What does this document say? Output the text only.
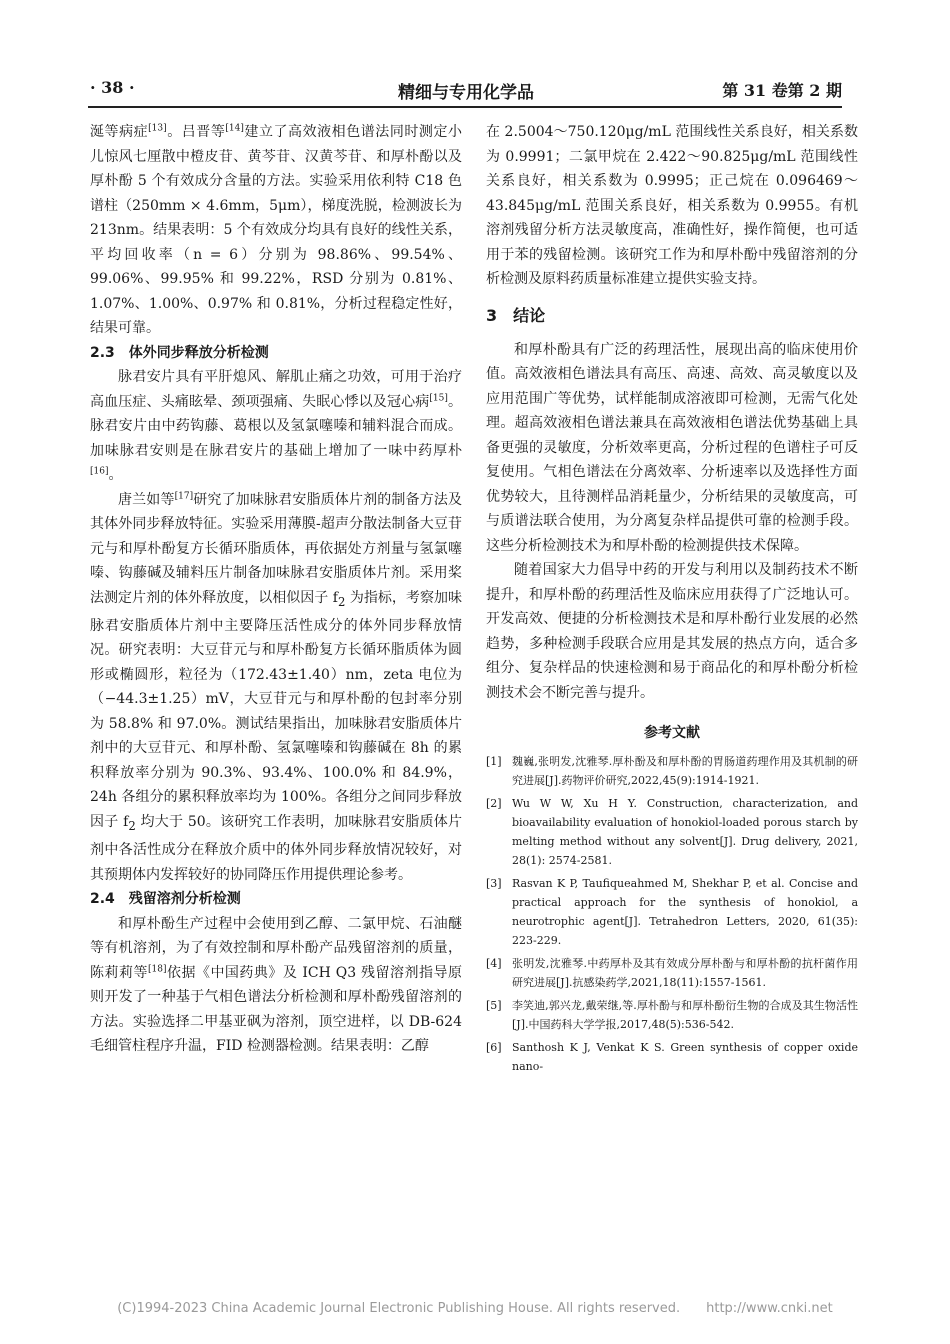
· 38 ·	精细与专用化学品	第 31 卷第 2 期

涎等病症[13]。吕晋等[14]建立了高效液相色谱法同时测定小儿惊风七厘散中橙皮苷、黄芩苷、汉黄芩苷、和厚朴酚以及厚朴酚 5 个有效成分含量的方法。实验采用依利特 C18 色谱柱（250mm × 4.6mm，5μm），梯度洗脱，检测波长为 213nm。结果表明：5 个有效成分均具有良好的线性关系，平均回收率（n = 6）分别为 98.86%、99.54%、99.06%、99.95% 和 99.22%，RSD 分别为 0.81%、1.07%、1.00%、0.97% 和 0.81%，分析过程稳定性好，结果可靠。

2.3　体外同步释放分析检测

脉君安片具有平肝熄风、解肌止痛之功效，可用于治疗高血压症、头痛眩晕、颈项强痛、失眠心悸以及冠心病[15]。脉君安片由中药钩藤、葛根以及氢氯噻嗪和辅料混合而成。加味脉君安则是在脉君安片的基础上增加了一味中药厚朴[16]。

唐兰如等[17]研究了加味脉君安脂质体片剂的制备方法及其体外同步释放特征。实验采用薄膜-超声分散法制备大豆苷元与和厚朴酚复方长循环脂质体，再依据处方剂量与氢氯噻嗪、钩藤碱及辅料压片制备加味脉君安脂质体片剂。采用桨法测定片剂的体外释放度，以相似因子 $f_2$ 为指标，考察加味脉君安脂质体片剂中主要降压活性成分的体外同步释放情况。研究表明：大豆苷元与和厚朴酚复方长循环脂质体为圆形或椭圆形，粒径为（172.43±1.40）nm，zeta 电位为（−44.3±1.25）mV，大豆苷元与和厚朴酚的包封率分别为 58.8% 和 97.0%。测试结果指出，加味脉君安脂质体片剂中的大豆苷元、和厚朴酚、氢氯噻嗪和钩藤碱在 8h 的累积释放率分别为 90.3%、93.4%、100.0% 和 84.9%，24h 各组分的累积释放率均为 100%。各组分之间同步释放因子 $f_2$ 均大于 50。该研究工作表明，加味脉君安脂质体片剂中各活性成分在释放介质中的体外同步释放情况较好，对其预期体内发挥较好的协同降压作用提供理论参考。

2.4　残留溶剂分析检测

和厚朴酚生产过程中会使用到乙醇、二氯甲烷、石油醚等有机溶剂，为了有效控制和厚朴酚产品残留溶剂的质量，陈莉莉等[18]依据《中国药典》及 ICH Q3 残留溶剂指导原则开发了一种基于气相色谱法分析检测和厚朴酚残留溶剂的方法。实验选择二甲基亚砜为溶剂，顶空进样，以 DB-624 毛细管柱程序升温，FID 检测器检测。结果表明：乙醇

在 2.5004～750.120μg/mL 范围线性关系良好，相关系数为 0.9991；二氯甲烷在 2.422～90.825μg/mL 范围线性关系良好，相关系数为 0.9995；正己烷在 0.096469～43.845μg/mL 范围关系良好，相关系数为 0.9955。有机溶剂残留分析方法灵敏度高，准确性好，操作简便，也可适用于苯的残留检测。该研究工作为和厚朴酚中残留溶剂的分析检测及原料药质量标准建立提供实验支持。

3　结论

和厚朴酚具有广泛的药理活性，展现出高的临床使用价值。高效液相色谱法具有高压、高速、高效、高灵敏度以及应用范围广等优势，试样能制成溶液即可检测，无需气化处理。超高效液相色谱法兼具在高效液相色谱法优势基础上具备更强的灵敏度，分析效率更高，分析过程的色谱柱子可反复使用。气相色谱法在分离效率、分析速率以及选择性方面优势较大，且待测样品消耗量少，分析结果的灵敏度高，可与质谱法联合使用，为分离复杂样品提供可靠的检测手段。这些分析检测技术为和厚朴酚的检测提供技术保障。

随着国家大力倡导中药的开发与利用以及制药技术不断提升，和厚朴酚的药理活性及临床应用获得了广泛地认可。开发高效、便捷的分析检测技术是和厚朴酚行业发展的必然趋势，多种检测手段联合应用是其发展的热点方向，适合多组分、复杂样品的快速检测和易于商品化的和厚朴酚分析检测技术会不断完善与提升。

参考文献
[1] 魏巍,张明发,沈雅琴.厚朴酚及和厚朴酚的胃肠道药理作用及其机制的研究进展[J].药物评价研究,2022,45(9):1914-1921.
[2] Wu W W, Xu H Y. Construction, characterization, and bioavailability evaluation of honokiol-loaded porous starch by melting method without any solvent[J]. Drug delivery, 2021, 28(1): 2574-2581.
[3] Rasvan K P, Taufiqueahmed M, Shekhar P, et al. Concise and practical approach for the synthesis of honokiol, a neurotrophic agent[J]. Tetrahedron Letters, 2020, 61(35): 223-229.
[4] 张明发,沈雅琴.中药厚朴及其有效成分厚朴酚与和厚朴酚的抗杆菌作用研究进展[J].抗感染药学,2021,18(11):1557-1561.
[5] 李笑迪,郭兴龙,戴荣继,等.厚朴酚与和厚朴酚衍生物的合成及其生物活性[J].中国药科大学学报,2017,48(5):536-542.
[6] Santhosh K J, Venkat K S. Green synthesis of copper oxide nano-
(C)1994-2023 China Academic Journal Electronic Publishing House. All rights reserved.　　http://www.cnki.net
